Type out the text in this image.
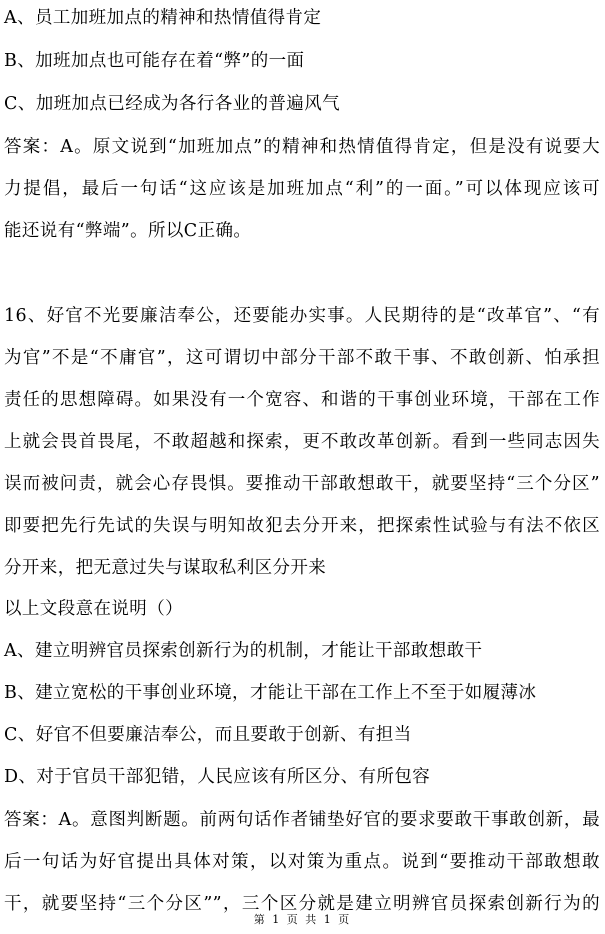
A、员工加班加点的精神和热情值得肯定
B、加班加点也可能存在着“弊”的一面
C、加班加点已经成为各行各业的普遍风气
答案：A。原文说到“加班加点”的精神和热情值得肯定，但是没有说要大
力提倡，最后一句话“这应该是加班加点“利”的一面。”可以体现应该可
能还说有“弊端”。所以C正确。
16、好官不光要廉洁奉公，还要能办实事。人民期待的是“改革官”、“有
为官”不是“不庸官”，这可谓切中部分干部不敢干事、不敢创新、怕承担
责任的思想障碍。如果没有一个宽容、和谐的干事创业环境，干部在工作
上就会畏首畏尾，不敢超越和探索，更不敢改革创新。看到一些同志因失
误而被问责，就会心存畏惧。要推动干部敢想敢干，就要坚持“三个分区”
即要把先行先试的失误与明知故犯去分开来，把探索性试验与有法不依区
分开来，把无意过失与谋取私利区分开来
以上文段意在说明（）
A、建立明辨官员探索创新行为的机制，才能让干部敢想敢干
B、建立宽松的干事创业环境，才能让干部在工作上不至于如履薄冰
C、好官不但要廉洁奉公，而且要敢于创新、有担当
D、对于官员干部犯错，人民应该有所区分、有所包容
答案：A。意图判断题。前两句话作者铺垫好官的要求要敢干事敢创新，最
后一句话为好官提出具体对策，以对策为重点。说到“要推动干部敢想敢
干，就要坚持“三个分区””，三个区分就是建立明辨官员探索创新行为的
第 1 页 共 1 页
